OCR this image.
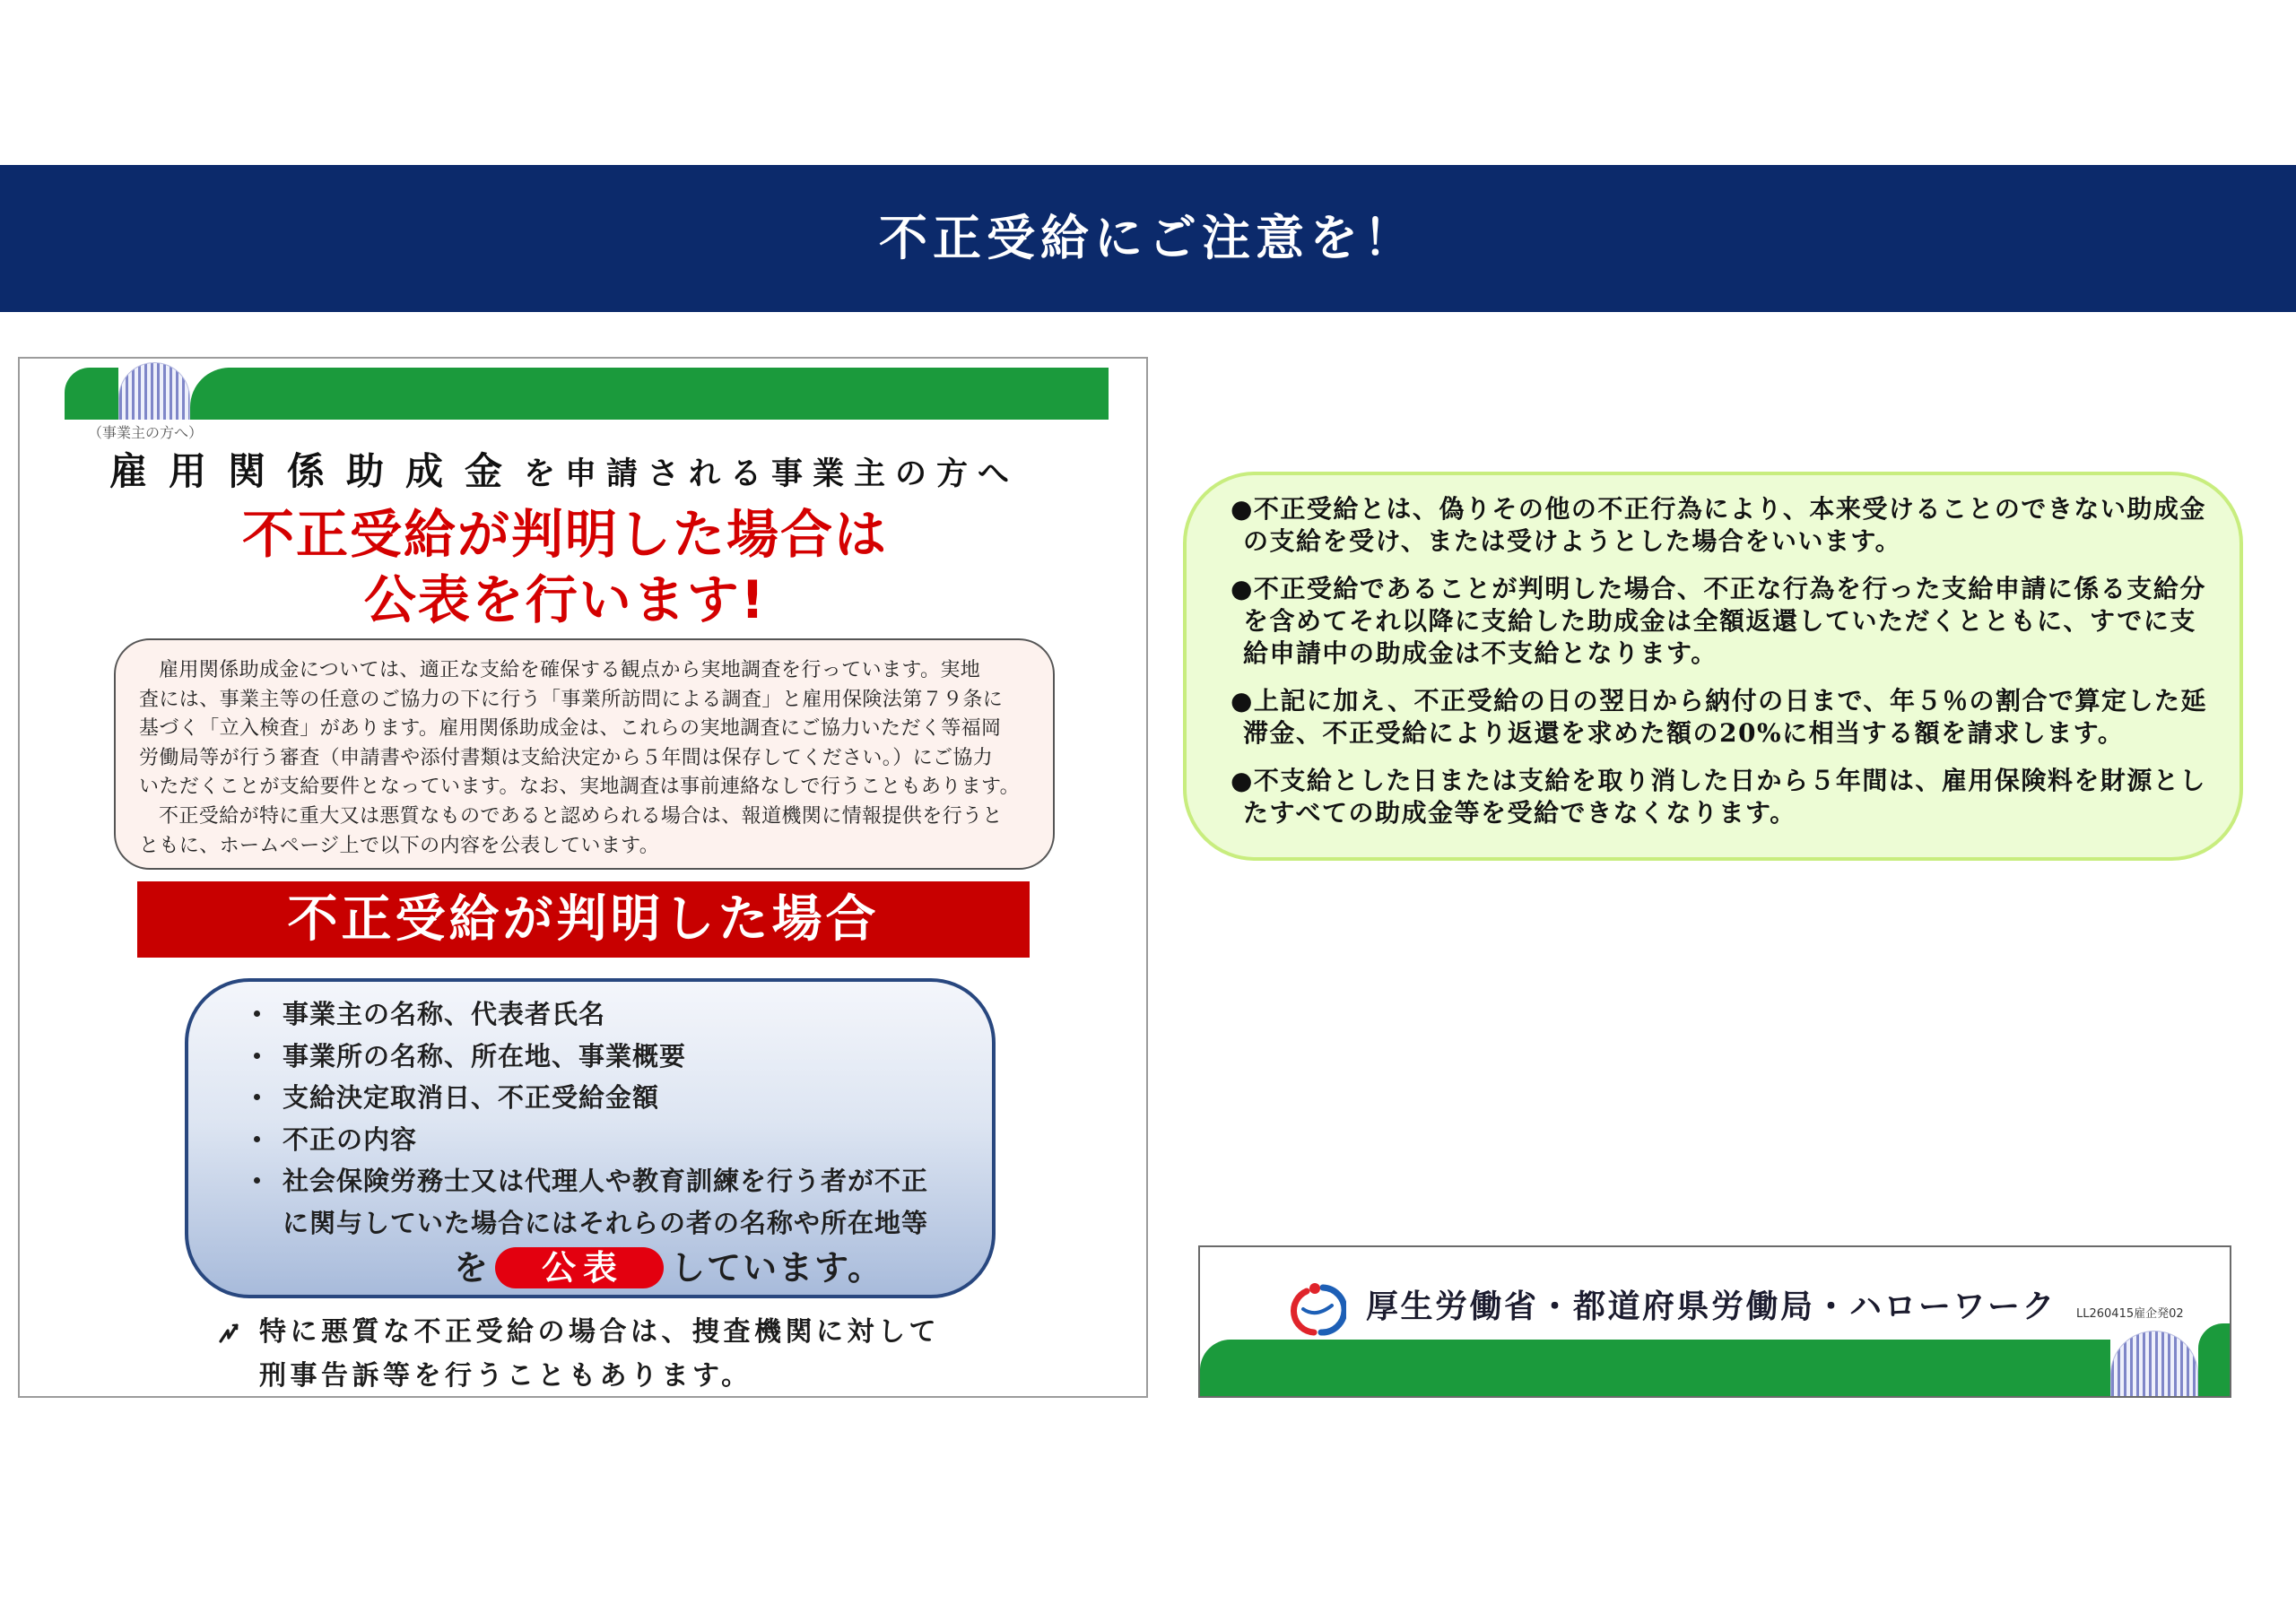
不正受給にご注意を！
（事業主の方へ）
雇用関係助成金 を申請される事業主の方へ
不正受給が判明した場合は
公表を行います!
雇用関係助成金については、適正な支給を確保する観点から実地調査を行っています。実地
査には、事業主等の任意のご協力の下に行う「事業所訪問による調査」と雇用保険法第７９条に
基づく「立入検査」があります。雇用関係助成金は、これらの実地調査にご協力いただく等福岡
労働局等が行う審査（申請書や添付書類は支給決定から５年間は保存してください。）にご協力
いただくことが支給要件となっています。なお、実地調査は事前連絡なしで行うこともあります。
不正受給が特に重大又は悪質なものであると認められる場合は、報道機関に情報提供を行うと
ともに、ホームページ上で以下の内容を公表しています。
不正受給が判明した場合
事業主の名称、代表者氏名
事業所の名称、所在地、事業概要
支給決定取消日、不正受給金額
不正の内容
社会保険労務士又は代理人や教育訓練を行う者が不正
に関与していた場合にはそれらの者の名称や所在地等
を	公表	しています。
特に悪質な不正受給の場合は、捜査機関に対して
刑事告訴等を行うこともあります。
●不正受給とは、偽りその他の不正行為により、本来受けることのできない助成金
の支給を受け、または受けようとした場合をいいます。
●不正受給であることが判明した場合、不正な行為を行った支給申請に係る支給分
を含めてそれ以降に支給した助成金は全額返還していただくとともに、すでに支
給申請中の助成金は不支給となります。
●上記に加え、不正受給の日の翌日から納付の日まで、年５％の割合で算定した延
滞金、不正受給により返還を求めた額の20%に相当する額を請求します。
●不支給とした日または支給を取り消した日から５年間は、雇用保険料を財源とし
たすべての助成金等を受給できなくなります。
厚生労働省・都道府県労働局・ハローワーク LL260415雇企発02
